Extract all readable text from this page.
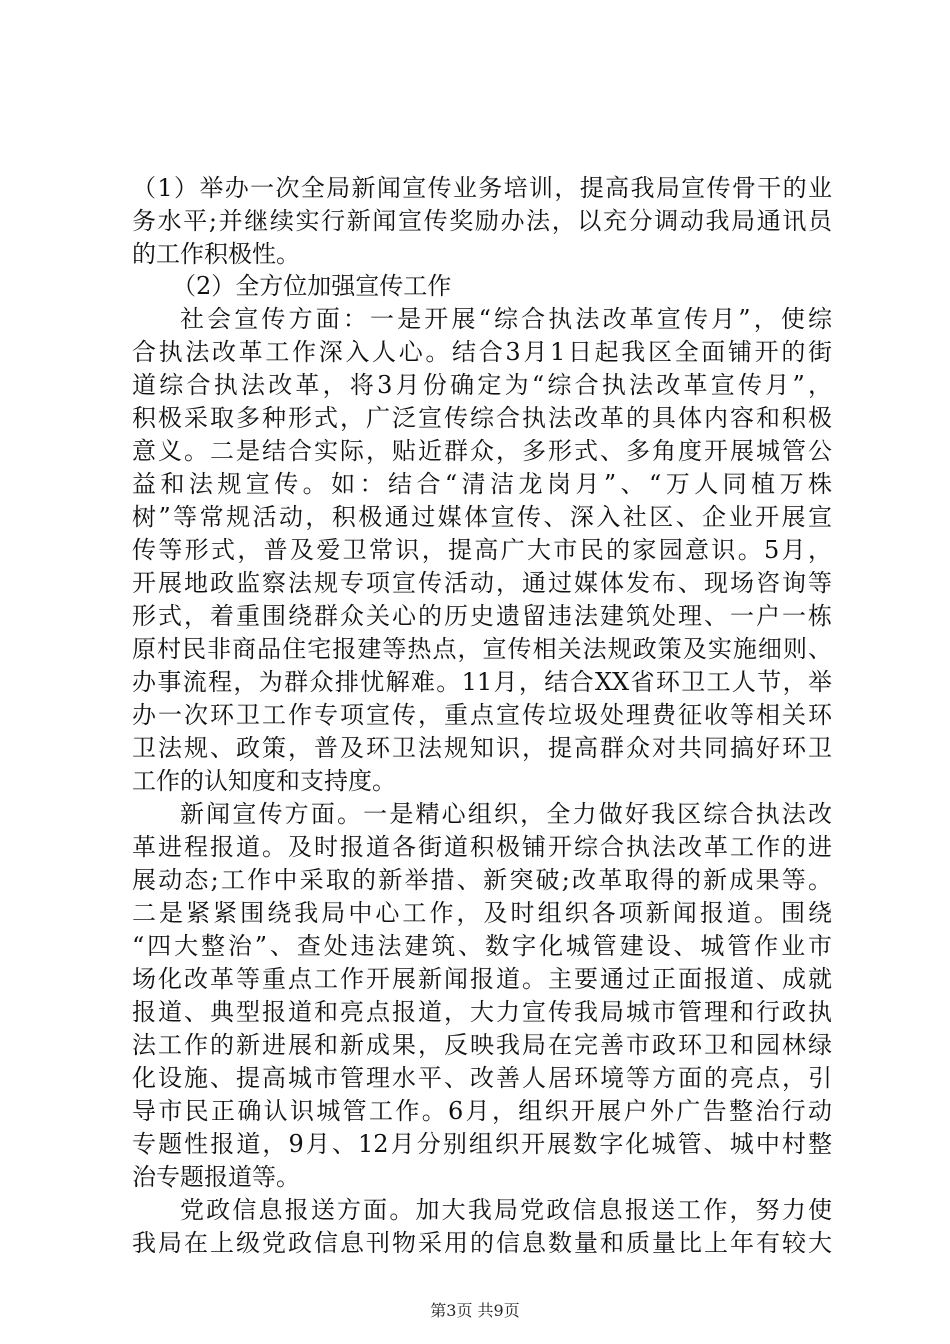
（1）举办一次全局新闻宣传业务培训，提高我局宣传骨干的业
务水平;并继续实行新闻宣传奖励办法，以充分调动我局通讯员
的工作积极性。
（2）全方位加强宣传工作
社会宣传方面：一是开展“综合执法改革宣传月”，使综
合执法改革工作深入人心。结合3月1日起我区全面铺开的街
道综合执法改革，将3月份确定为“综合执法改革宣传月”，
积极采取多种形式，广泛宣传综合执法改革的具体内容和积极
意义。二是结合实际，贴近群众，多形式、多角度开展城管公
益和法规宣传。如：结合“清洁龙岗月”、“万人同植万株
树”等常规活动，积极通过媒体宣传、深入社区、企业开展宣
传等形式，普及爱卫常识，提高广大市民的家园意识。5月，
开展地政监察法规专项宣传活动，通过媒体发布、现场咨询等
形式，着重围绕群众关心的历史遗留违法建筑处理、一户一栋
原村民非商品住宅报建等热点，宣传相关法规政策及实施细则、
办事流程，为群众排忧解难。11月，结合XX省环卫工人节，举
办一次环卫工作专项宣传，重点宣传垃圾处理费征收等相关环
卫法规、政策，普及环卫法规知识，提高群众对共同搞好环卫
工作的认知度和支持度。
新闻宣传方面。一是精心组织，全力做好我区综合执法改
革进程报道。及时报道各街道积极铺开综合执法改革工作的进
展动态;工作中采取的新举措、新突破;改革取得的新成果等。
二是紧紧围绕我局中心工作，及时组织各项新闻报道。围绕
“四大整治”、查处违法建筑、数字化城管建设、城管作业市
场化改革等重点工作开展新闻报道。主要通过正面报道、成就
报道、典型报道和亮点报道，大力宣传我局城市管理和行政执
法工作的新进展和新成果，反映我局在完善市政环卫和园林绿
化设施、提高城市管理水平、改善人居环境等方面的亮点，引
导市民正确认识城管工作。6月，组织开展户外广告整治行动
专题性报道，9月、12月分别组织开展数字化城管、城中村整
治专题报道等。
党政信息报送方面。加大我局党政信息报送工作，努力使
我局在上级党政信息刊物采用的信息数量和质量比上年有较大
第3页 共9页
